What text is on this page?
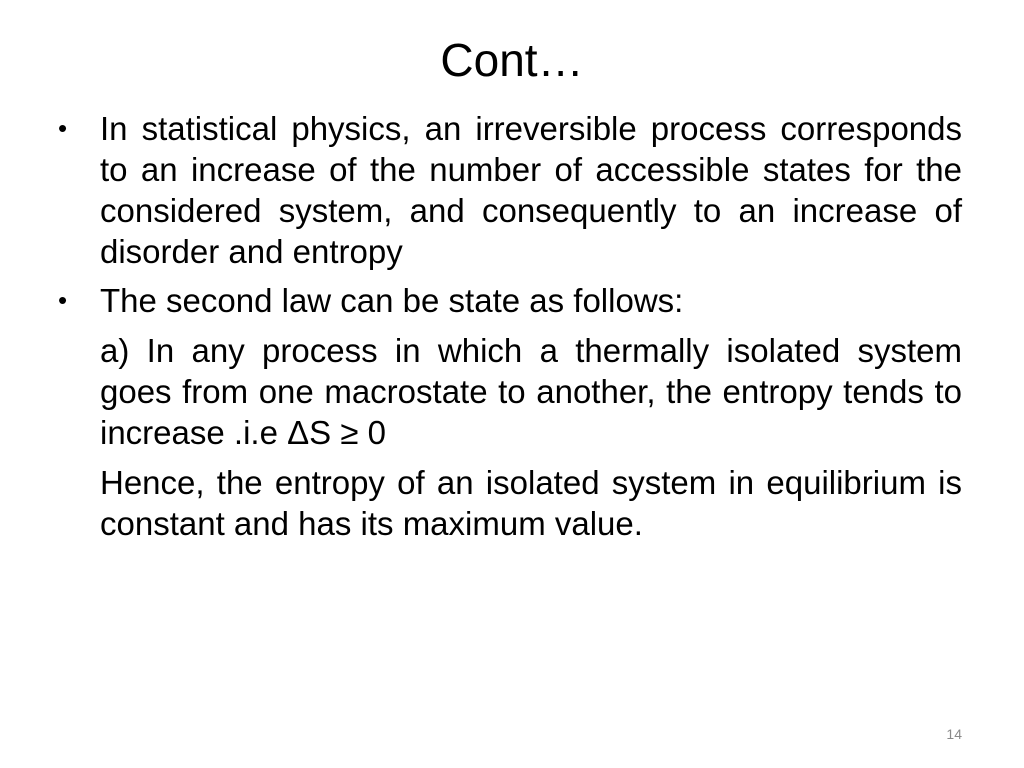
Cont…
• In statistical physics, an irreversible process corresponds to an increase of the number of accessible states for the considered system, and consequently to an increase of disorder and entropy
• The second law can be state as follows:
a) In any process in which a thermally isolated system goes from one macrostate to another, the entropy tends to increase .i.e ΔS ≥ 0
Hence, the entropy of an isolated system in equilibrium is constant and has its maximum value.
14
